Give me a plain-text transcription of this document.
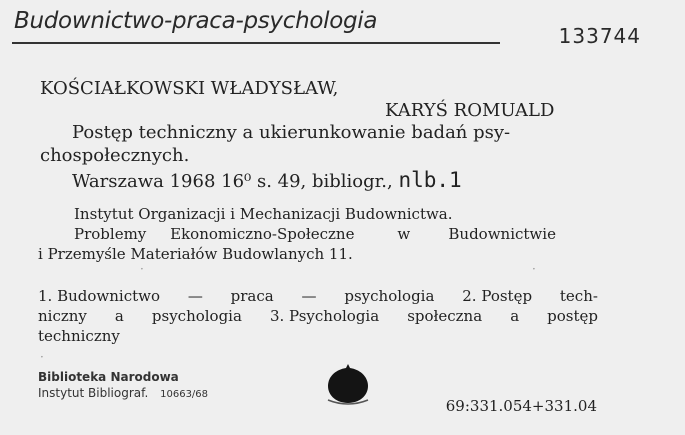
Budownictwo-praca-psychologia
133744
KOŚCIAŁKOWSKI WŁADYSŁAW,
KARYŚ ROMUALD
Postęp techniczny a ukierunkowanie badań psy-
chospołecznych.
Warszawa 1968 16⁰ s. 49, bibliogr., nlb.1
Instytut Organizacji i Mechanizacji Budownictwa.
Problemy Ekonomiczno-Społeczne	w	Budownictwie
i Przemyśle Materiałów Budowlanych 11.
1. Budownictwo — praca — psychologia 2. Postęp tech-
niczny a psychologia 3. Psychologia społeczna a postęp
techniczny
Biblioteka Narodowa
Instytut Bibliograf. 10663/68
69:331.054+331.04
·
·
·
